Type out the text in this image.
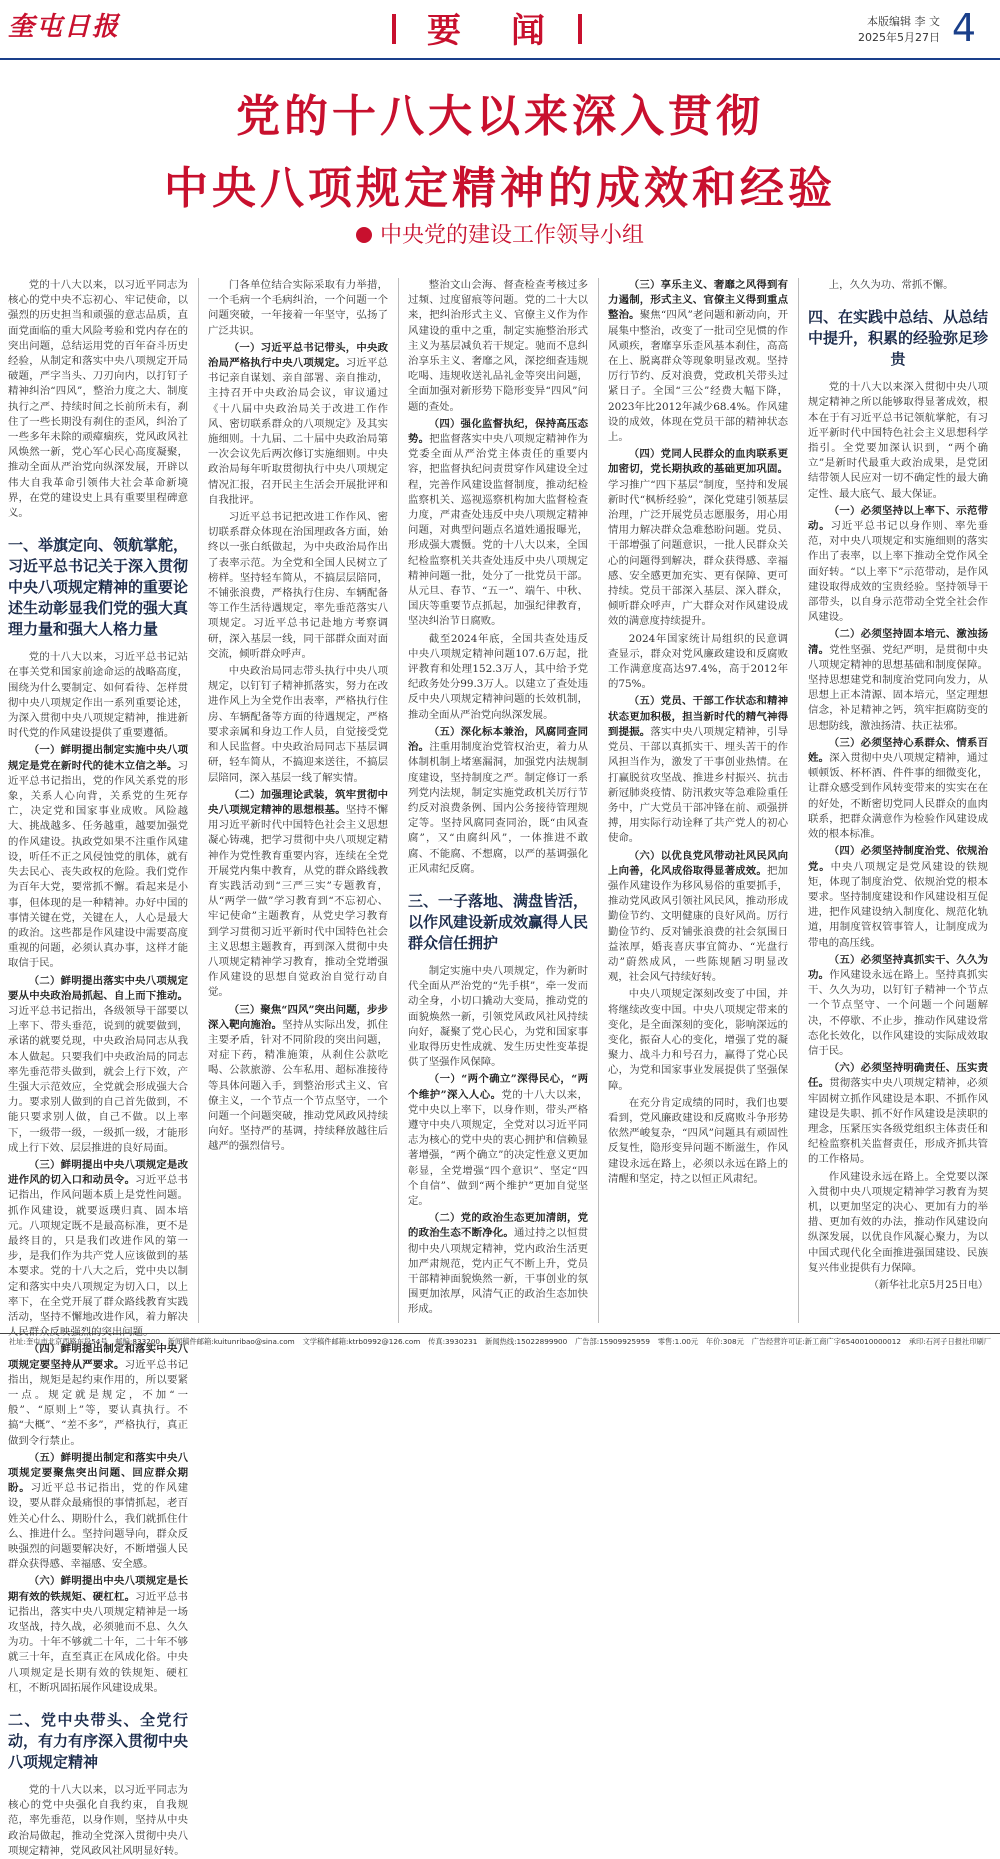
奎屯日报	要 闻	本版编辑 李 文
2025年5月27日 4
党的十八大以来深入贯彻
中央八项规定精神的成效和经验
中央党的建设工作领导小组

党的十八大以来，以习近平同志为核心的党中央不忘初心、牢记使命，以强烈的历史担当和顽强的意志品质，直面党面临的重大风险考验和党内存在的突出问题，总结运用党的百年奋斗历史经验，从制定和落实中央八项规定开局破题，严字当头、刀刃向内，以打钉子精神纠治“四风”，整治力度之大、制度执行之严、持续时间之长前所未有，刹住了一些长期没有刹住的歪风，纠治了一些多年未除的顽瘴痼疾，党风政风社风焕然一新，党心军心民心高度凝聚，推动全面从严治党向纵深发展，开辟以伟大自我革命引领伟大社会革命新境界，在党的建设史上具有重要里程碑意义。

一、举旗定向、领航掌舵，习近平总书记关于深入贯彻中央八项规定精神的重要论述生动彰显我们党的强大真理力量和强大人格力量

党的十八大以来，习近平总书记站在事关党和国家前途命运的战略高度，围绕为什么要制定、如何看待、怎样贯彻中央八项规定作出一系列重要论述，为深入贯彻中央八项规定精神，推进新时代党的作风建设提供了重要遵循。

（一）鲜明提出制定实施中央八项规定是党在新时代的徒木立信之举。习近平总书记指出，党的作风关系党的形象，关系人心向背，关系党的生死存亡，决定党和国家事业成败。风险越大、挑战越多、任务越重，越要加强党的作风建设。执政党如果不注重作风建设，听任不正之风侵蚀党的肌体，就有失去民心、丧失政权的危险。我们党作为百年大党，要常抓不懈。看起来是小事，但体现的是一种精神。办好中国的事情关键在党，关键在人，人心是最大的政治。这些都是作风建设中需要高度重视的问题，必须认真办事，这样才能取信于民。

（二）鲜明提出落实中央八项规定要从中央政治局抓起、自上而下推动。习近平总书记指出，各级领导干部要以上率下、带头垂范，说到的就要做到，承诺的就要兑现，中央政治局同志从我本人做起。只要我们中央政治局的同志率先垂范带头做到，就会上行下效，产生强大示范效应，全党就会形成强大合力。要求别人做到的自己首先做到，不能只要求别人做，自己不做。以上率下，一级带一级，一级抓一级，才能形成上行下效、层层推进的良好局面。

（三）鲜明提出中央八项规定是改进作风的切入口和动员令。习近平总书记指出，作风问题本质上是党性问题。抓作风建设，就要返璞归真、固本培元。八项规定既不是最高标准，更不是最终目的，只是我们改进作风的第一步，是我们作为共产党人应该做到的基本要求。党的十八大之后，党中央以制定和落实中央八项规定为切入口，以上率下，在全党开展了群众路线教育实践活动，坚持不懈地改进作风，着力解决

（四）鲜明提出制定和落实中央八项规定要坚持从严要求。习近平总书记指出，规矩是起约束作用的，所以要紧一点。规定就是规定，不加“一般”、“原则上”等，要认真执行。不搞“大概”、“差不多”，严格执行，真正做到令行禁止。

（五）鲜明提出制定和落实中央八项规定要聚焦突出问题、回应群众期盼。习近平总书记指出，党的作风建设，要从群众最痛恨的事情抓起，老百姓关心什么、期盼什么，我们就抓住什么、推进什么。坚持问题导向，群众反映强烈的问题要解决好，不断增强人民群众获得感、幸福感、安全感。

（六）鲜明提出中央八项规定是长期有效的铁规矩、硬杠杠。习近平总书记指出，落实中央八项规定精神是一场攻坚战，持久战，必须驰而不息、久久为功。十年不够就二十年，二十年不够就三十年，直至真正在风成化俗。中央八项规定是长期有效的铁规矩、硬杠杠，不断巩固拓展作风建设成果。

二、党中央带头、全党行动，有力有序深入贯彻中央八项规定精神

党的十八大以来，以习近平同志为核心的党中央强化自我约束，自我规范，率先垂范，以身作则，坚持从中央政治局做起，推动全党深入贯彻中央八项规定精神，党风政风社风明显好转。

门各单位结合实际采取有力举措，一个毛病一个毛病纠治，一个问题一个问题突破，一年接着一年坚守，弘扬了广泛共识。

（一）习近平总书记带头，中央政治局严格执行中央八项规定。习近平总书记亲自谋划、亲自部署、亲自推动，主持召开中央政治局会议，审议通过《十八届中央政治局关于改进工作作风、密切联系群众的八项规定》及其实施细则。十九届、二十届中央政治局第一次会议先后两次修订实施细则。中央政治局每年听取贯彻执行中央八项规定情况汇报，召开民主生活会开展批评和自我批评。

习近平总书记把改进工作作风、密切联系群众体现在治国理政各方面，始终以一张白纸做起，为中央政治局作出了表率示范。为全党和全国人民树立了榜样。坚持轻车简从，不搞层层陪同，不铺张浪费，严格执行住房、车辆配备等工作生活待遇规定，率先垂范落实八项规定。习近平总书记赴地方考察调研，深入基层一线，同干部群众面对面交流，倾听群众呼声。

中央政治局同志带头执行中央八项规定，以钉钉子精神抓落实，努力在改进作风上为全党作出表率，严格执行住房、车辆配备等方面的待遇规定，严格要求亲属和身边工作人员，自觉接受党和人民监督。中央政治局同志下基层调研，轻车简从，不搞迎来送往，不搞层层陪同，深入基层一线了解实情。

（二）加强理论武装，筑牢贯彻中央八项规定精神的思想根基。坚持不懈用习近平新时代中国特色社会主义思想凝心铸魂，把学习贯彻中央八项规定精神作为党性教育重要内容，连续在全党开展党内集中教育，从党的群众路线教育实践活动到“三严三实”专题教育，从“两学一做”学习教育到“不忘初心、牢记使命”主题教育，从党史学习教育到学习贯彻习近平新时代中国特色社会主义思想主题教育，再到深入贯彻中央八项规定精神学习教育，推动全党增强作风建设的思想自觉政治自觉行动自觉。

（三）聚焦“四风”突出问题，步步深入靶向施治。坚持从实际出发，抓住主要矛盾，针对不同阶段的突出问题，对症下药，精准施策，从刹住公款吃喝、公款旅游、公车私用、超标准接待等具体问题入手，到整治形式主义、官僚主义，一个节点一个节点坚守，一个问题一个问题突破，推动党风政风持续向好。坚持严的基调，持续释放越往后越严的强烈信号。

整治文山会海、督查检查考核过多过频、过度留痕等问题。党的二十大以来，把纠治形式主义、官僚主义作为作风建设的重中之重，制定实施整治形式主义为基层减负若干规定。驰而不息纠治享乐主义、奢靡之风，深挖细查违规吃喝、违规收送礼品礼金等突出问题，全面加强对新形势下隐形变异“四风”问题的查处。

（四）强化监督执纪，保持高压态势。把监督落实中央八项规定精神作为党委全面从严治党主体责任的重要内容，把监督执纪问责贯穿作风建设全过程，完善作风建设监督制度，推动纪检监察机关、巡视巡察机构加大监督检查力度，严肃查处违反中央八项规定精神问题，对典型问题点名道姓通报曝光，形成强大震慑。党的十八大以来，全国纪检监察机关共查处违反中央八项规定精神问题一批，处分了一批党员干部。从元旦、春节、“五一”、端午、中秋、国庆等重要节点抓起，加强纪律教育，坚决纠治节日腐败。

截至2024年底，全国共查处违反中央八项规定精神问题107.6万起，批评教育和处理152.3万人，其中给予党纪政务处分99.3万人。以建立了查处违反中央八项规定精神问题的长效机制，推动全面从严治党向纵深发展。

（五）深化标本兼治，风腐同查同治。注重用制度治党管权治吏，着力从体制机制上堵塞漏洞，加强党内法规制度建设，坚持制度之严。制定修订一系列党内法规，制定实施党政机关厉行节约反对浪费条例、国内公务接待管理规定等。坚持风腐同查同治，既“由风查腐”，又“由腐纠风”，一体推进不敢腐、不能腐、不想腐，以严的基调强化正风肃纪反腐。

三、一子落地、满盘皆活，以作风建设新成效赢得人民群众信任拥护

制定实施中央八项规定，作为新时代全面从严治党的“先手棋”，牵一发而动全身，小切口撬动大变局，推动党的面貌焕然一新，引领党风政风社风持续向好，凝聚了党心民心，为党和国家事业取得历史性成就、发生历史性变革提供了坚强作风保障。

（一）“两个确立”深得民心，“两个维护”深入人心。党的十八大以来，党中央以上率下，以身作则，带头严格遵守中央八项规定，全党对以习近平同志为核心的党中央的衷心拥护和信赖显著增强，“两个确立”的决定性意义更加彰显，全党增强“四个意识”、坚定“四个自信”、做到“两个维护”更加自觉坚定。

（二）党的政治生态更加清朗，党的政治生态不断净化。通过持之以恒贯彻中央八项规定精神，党内政治生活更加严肃规范，党内正气不断上升，党员干部精神面貌焕然一新，干事创业的氛围更加浓厚，风清气正的政治生态加快形成。

（三）享乐主义、奢靡之风得到有力遏制，形式主义、官僚主义得到重点整治。聚焦“四风”老问题和新动向，开展集中整治，改变了一批司空见惯的作风顽疾，奢靡享乐歪风基本刹住，高高在上、脱离群众等现象明显改观。坚持厉行节约、反对浪费，党政机关带头过紧日子。全国“三公”经费大幅下降，2023年比2012年减少68.4%。作风建设的成效，体现在党员干部的精神状态上。

（四）党同人民群众的血肉联系更加密切，党长期执政的基础更加巩固。学习推广“四下基层”制度，坚持和发展新时代“枫桥经验”，深化党建引领基层治理，广泛开展党员志愿服务，用心用情用力解决群众急难愁盼问题。党员、干部增强了问题意识，一批人民群众关心的问题得到解决，群众获得感、幸福感、安全感更加充实、更有保障、更可持续。党员干部深入基层、深入群众，倾听群众呼声，广大群众对作风建设成效的满意度持续提升。

2024年国家统计局组织的民意调查显示，群众对党风廉政建设和反腐败工作满意度高达97.4%，高于2012年的75%。

（五）党员、干部工作状态和精神状态更加积极，担当新时代的精气神得到提振。落实中央八项规定精神，引导党员、干部以真抓实干、埋头苦干的作风担当作为，激发了干事创业热情。在打赢脱贫攻坚战、推进乡村振兴、抗击新冠肺炎疫情、防汛救灾等急难险重任务中，广大党员干部冲锋在前、顽强拼搏，用实际行动诠释了共产党人的初心使命。

（六）以优良党风带动社风民风向上向善，化风成俗取得显著成效。把加强作风建设作为移风易俗的重要抓手，推动党风政风引领社风民风，推动形成勤俭节约、文明健康的良好风尚。厉行勤俭节约、反对铺张浪费的社会氛围日益浓厚，婚丧喜庆事宜简办、“光盘行动”蔚然成风，一些陈规陋习明显改观，社会风气持续好转。

中央八项规定深刻改变了中国，并将继续改变中国。中央八项规定带来的变化，是全面深刻的变化，影响深远的变化，振奋人心的变化，增强了党的凝聚力、战斗力和号召力，赢得了党心民心，为党和国家事业发展提供了坚强保障。

在充分肯定成绩的同时，我们也要看到，党风廉政建设和反腐败斗争形势依然严峻复杂，“四风”问题具有顽固性反复性，隐形变异问题不断滋生，作风建设永远在路上，必须以永远在路上的清醒和坚定，持之以恒正风肃纪。

上，久久为功、常抓不懈。

四、在实践中总结、从总结中提升，积累的经验弥足珍贵

党的十八大以来深入贯彻中央八项规定精神之所以能够取得显著成效，根本在于有习近平总书记领航掌舵，有习近平新时代中国特色社会主义思想科学指引。全党要加深认识到，“两个确立”是新时代最重大政治成果，是党团结带领人民应对一切不确定性的最大确定性、最大底气、最大保证。

（一）必须坚持以上率下、示范带动。习近平总书记以身作则、率先垂范，对中央八项规定和实施细则的落实作出了表率，以上率下推动全党作风全面好转。“以上率下”示范带动，是作风建设取得成效的宝贵经验。坚持领导干部带头，以自身示范带动全党全社会作风建设。

（二）必须坚持固本培元、激浊扬清。党性坚强、党纪严明，是贯彻中央八项规定精神的思想基础和制度保障。坚持思想建党和制度治党同向发力，从思想上正本清源、固本培元，坚定理想信念，补足精神之钙，筑牢拒腐防变的思想防线，激浊扬清、扶正祛邪。

（三）必须坚持心系群众、情系百姓。深入贯彻中央八项规定精神，通过顿顿饭、杯杯酒、件件事的细微变化，让群众感受到作风转变带来的实实在在的好处，不断密切党同人民群众的血肉联系，把群众满意作为检验作风建设成效的根本标准。

（四）必须坚持制度治党、依规治党。中央八项规定是党风建设的铁规矩，体现了制度治党、依规治党的根本要求。坚持制度建设和作风建设相互促进，把作风建设纳入制度化、规范化轨道，用制度管权管事管人，让制度成为带电的高压线。

（五）必须坚持真抓实干、久久为功。作风建设永远在路上。坚持真抓实干、久久为功，以钉钉子精神一个节点一个节点坚守、一个问题一个问题解决，不停歇、不止步，推动作风建设常态化长效化，以作风建设的实际成效取信于民。

（六）必须坚持明确责任、压实责任。贯彻落实中央八项规定精神，必须牢固树立抓作风建设是本职、不抓作风建设是失职、抓不好作风建设是渎职的理念，压紧压实各级党组织主体责任和纪检监察机关监督责任，形成齐抓共管的工作格局。

作风建设永远在路上。全党要以深入贯彻中央八项规定精神学习教育为契机，以更加坚定的决心、更加有力的举措、更加有效的办法，推动作风建设向纵深发展，以优良作风凝心聚力，为以中国式现代化全面推进强国建设、民族复兴伟业提供有力保障。

（新华社北京5月25日电）

社址:奎屯市北京西路东段54号	邮编:833200	新闻稿件邮箱:kuitunribao@sina.com	文学稿件邮箱:ktrb0992@126.com	传真:3930231	新闻热线:15022899900	广告部:15909925959	零售:1.00元	年价:308元	广告经营许可证:新工商广字6540010000012	承印:石河子日报社印刷厂
